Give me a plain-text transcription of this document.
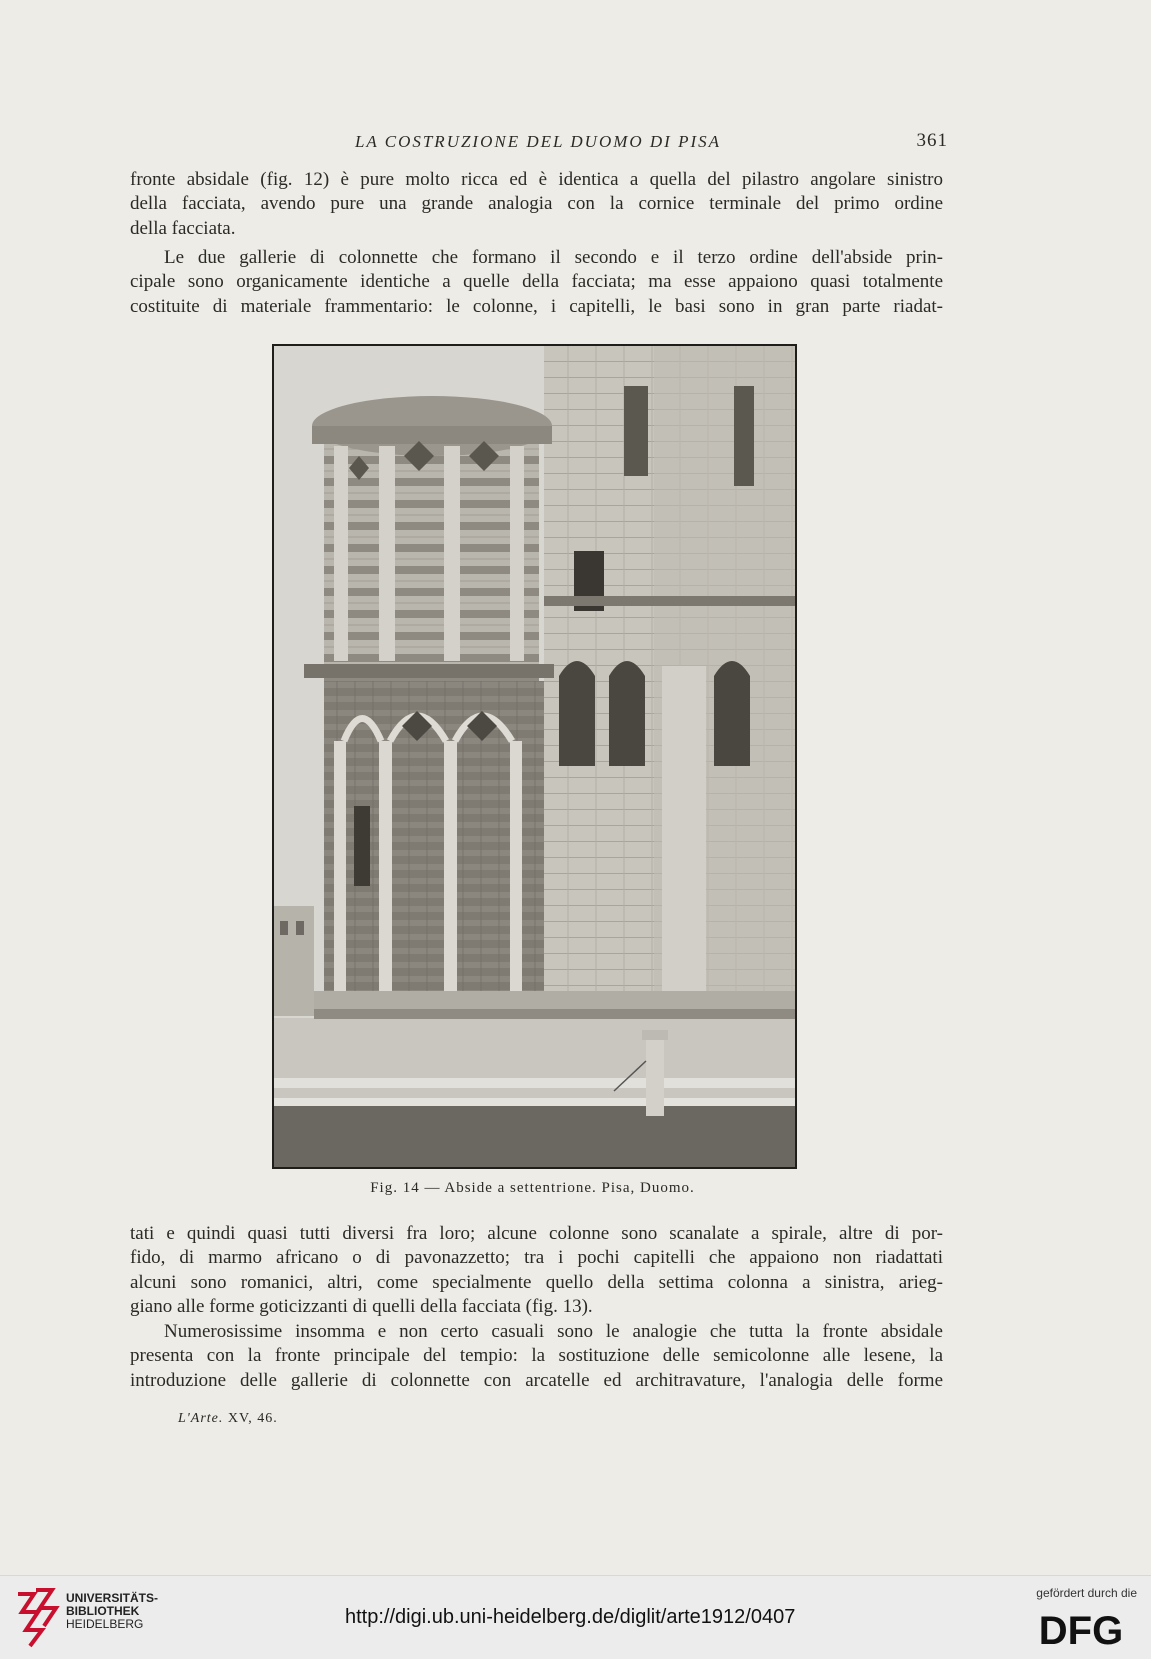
LA COSTRUZIONE DEL DUOMO DI PISA	361
fronte absidale (fig. 12) è pure molto ricca ed è identica a quella del pilastro angolare sinistro
della facciata, avendo pure una grande analogia con la cornice terminale del primo ordine
della facciata.
Le due gallerie di colonnette che formano il secondo e il terzo ordine dell'abside prin-
cipale sono organicamente identiche a quelle della facciata; ma esse appaiono quasi totalmente
costituite di materiale frammentario: le colonne, i capitelli, le basi sono in gran parte riadat-
Fig. 14 — Abside a settentrione. Pisa, Duomo.
tati e quindi quasi tutti diversi fra loro; alcune colonne sono scanalate a spirale, altre di por-
fido, di marmo africano o di pavonazzetto; tra i pochi capitelli che appaiono non riadattati
alcuni sono romanici, altri, come specialmente quello della settima colonna a sinistra, arieg-
giano alle forme goticizzanti di quelli della facciata (fig. 13).
Numerosissime insomma e non certo casuali sono le analogie che tutta la fronte absidale
presenta con la fronte principale del tempio: la sostituzione delle semicolonne alle lesene, la
introduzione delle gallerie di colonnette con arcatelle ed architravature, l'analogia delle forme
L'Arte. XV, 46.
UNIVERSITÄTS-
BIBLIOTHEK
HEIDELBERG	http://digi.ub.uni-heidelberg.de/diglit/arte1912/0407
gefördert durch die
DFG
